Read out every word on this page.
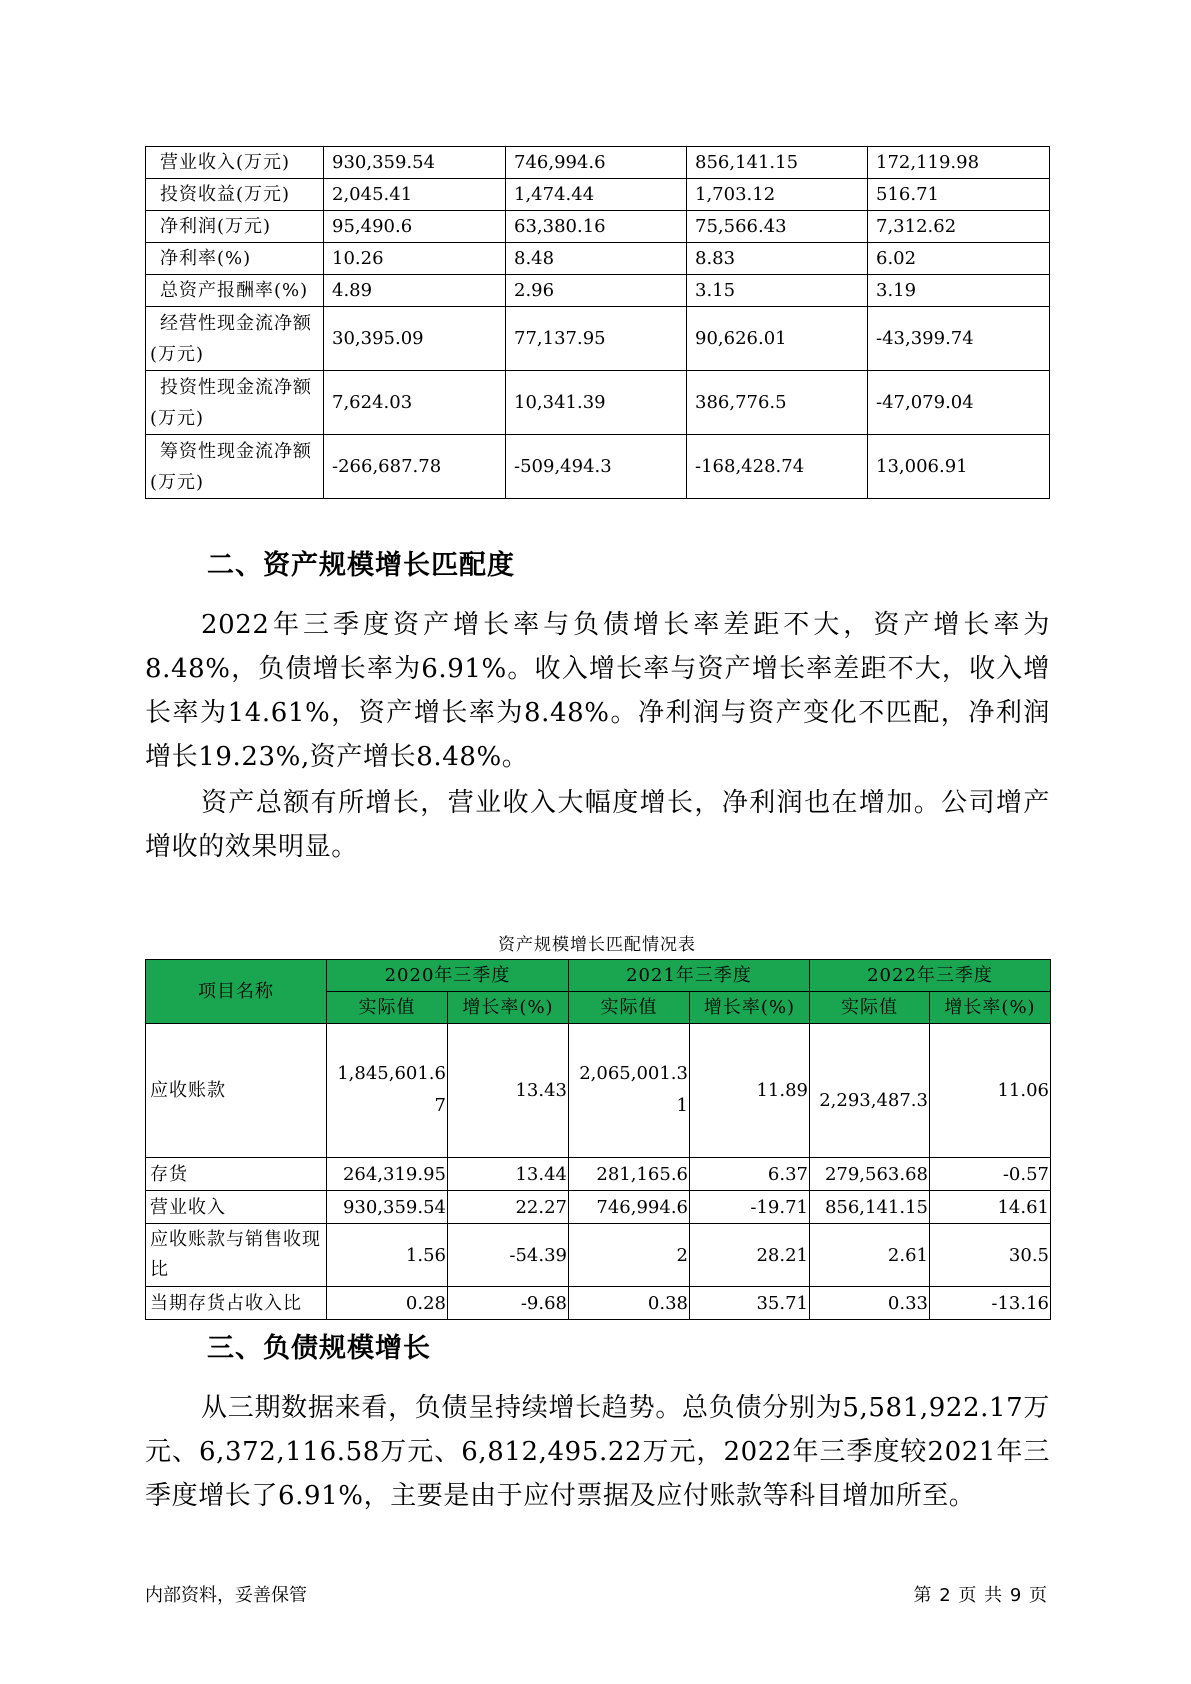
营业收入(万元)	930,359.54	746,994.6	856,141.15	172,119.98

投资收益(万元)	2,045.41	1,474.44	1,703.12	516.71

净利润(万元)	95,490.6	63,380.16	75,566.43	7,312.62

净利率(%)	10.26	8.48	8.83	6.02

总资产报酬率(%)	4.89	2.96	3.15	3.19

经营性现金流净额
(万元)	30,395.09	77,137.95	90,626.01	-43,399.74

投资性现金流净额
(万元)	7,624.03	10,341.39	386,776.5	-47,079.04

筹资性现金流净额
(万元)	-266,687.78	-509,494.3	-168,428.74	13,006.91
二、资产规模增长匹配度

2022年三季度资产增长率与负债增长率差距不大，资产增长率为8.48%，负债增长率为6.91%。收入增长率与资产增长率差距不大，收入增长率为14.61%，资产增长率为8.48%。净利润与资产变化不匹配，净利润增长19.23%,资产增长8.48%。

资产总额有所增长，营业收入大幅度增长，净利润也在增加。公司增产增收的效果明显。

资产规模增长匹配情况表
项目名称	2020年三季度		2021年三季度		2022年三季度	
	实际值	增长率(%)	实际值	增长率(%)	实际值	增长率(%)
应收账款	1,845,601.67	13.43	2,065,001.31	11.89	2,293,487.3	11.06
存货	264,319.95	13.44	281,165.6	6.37	279,563.68	-0.57
营业收入	930,359.54	22.27	746,994.6	-19.71	856,141.15	14.61
应收账款与销售收现比	1.56	-54.39	2	28.21	2.61	30.5
当期存货占收入比	0.28	-9.68	0.38	35.71	0.33	-13.16
三、负债规模增长

从三期数据来看，负债呈持续增长趋势。总负债分别为5,581,922.17万元、6,372,116.58万元、6,812,495.22万元，2022年三季度较2021年三季度增长了6.91%，主要是由于应付票据及应付账款等科目增加所至。

内部资料，妥善保管	第 2 页 共 9 页
